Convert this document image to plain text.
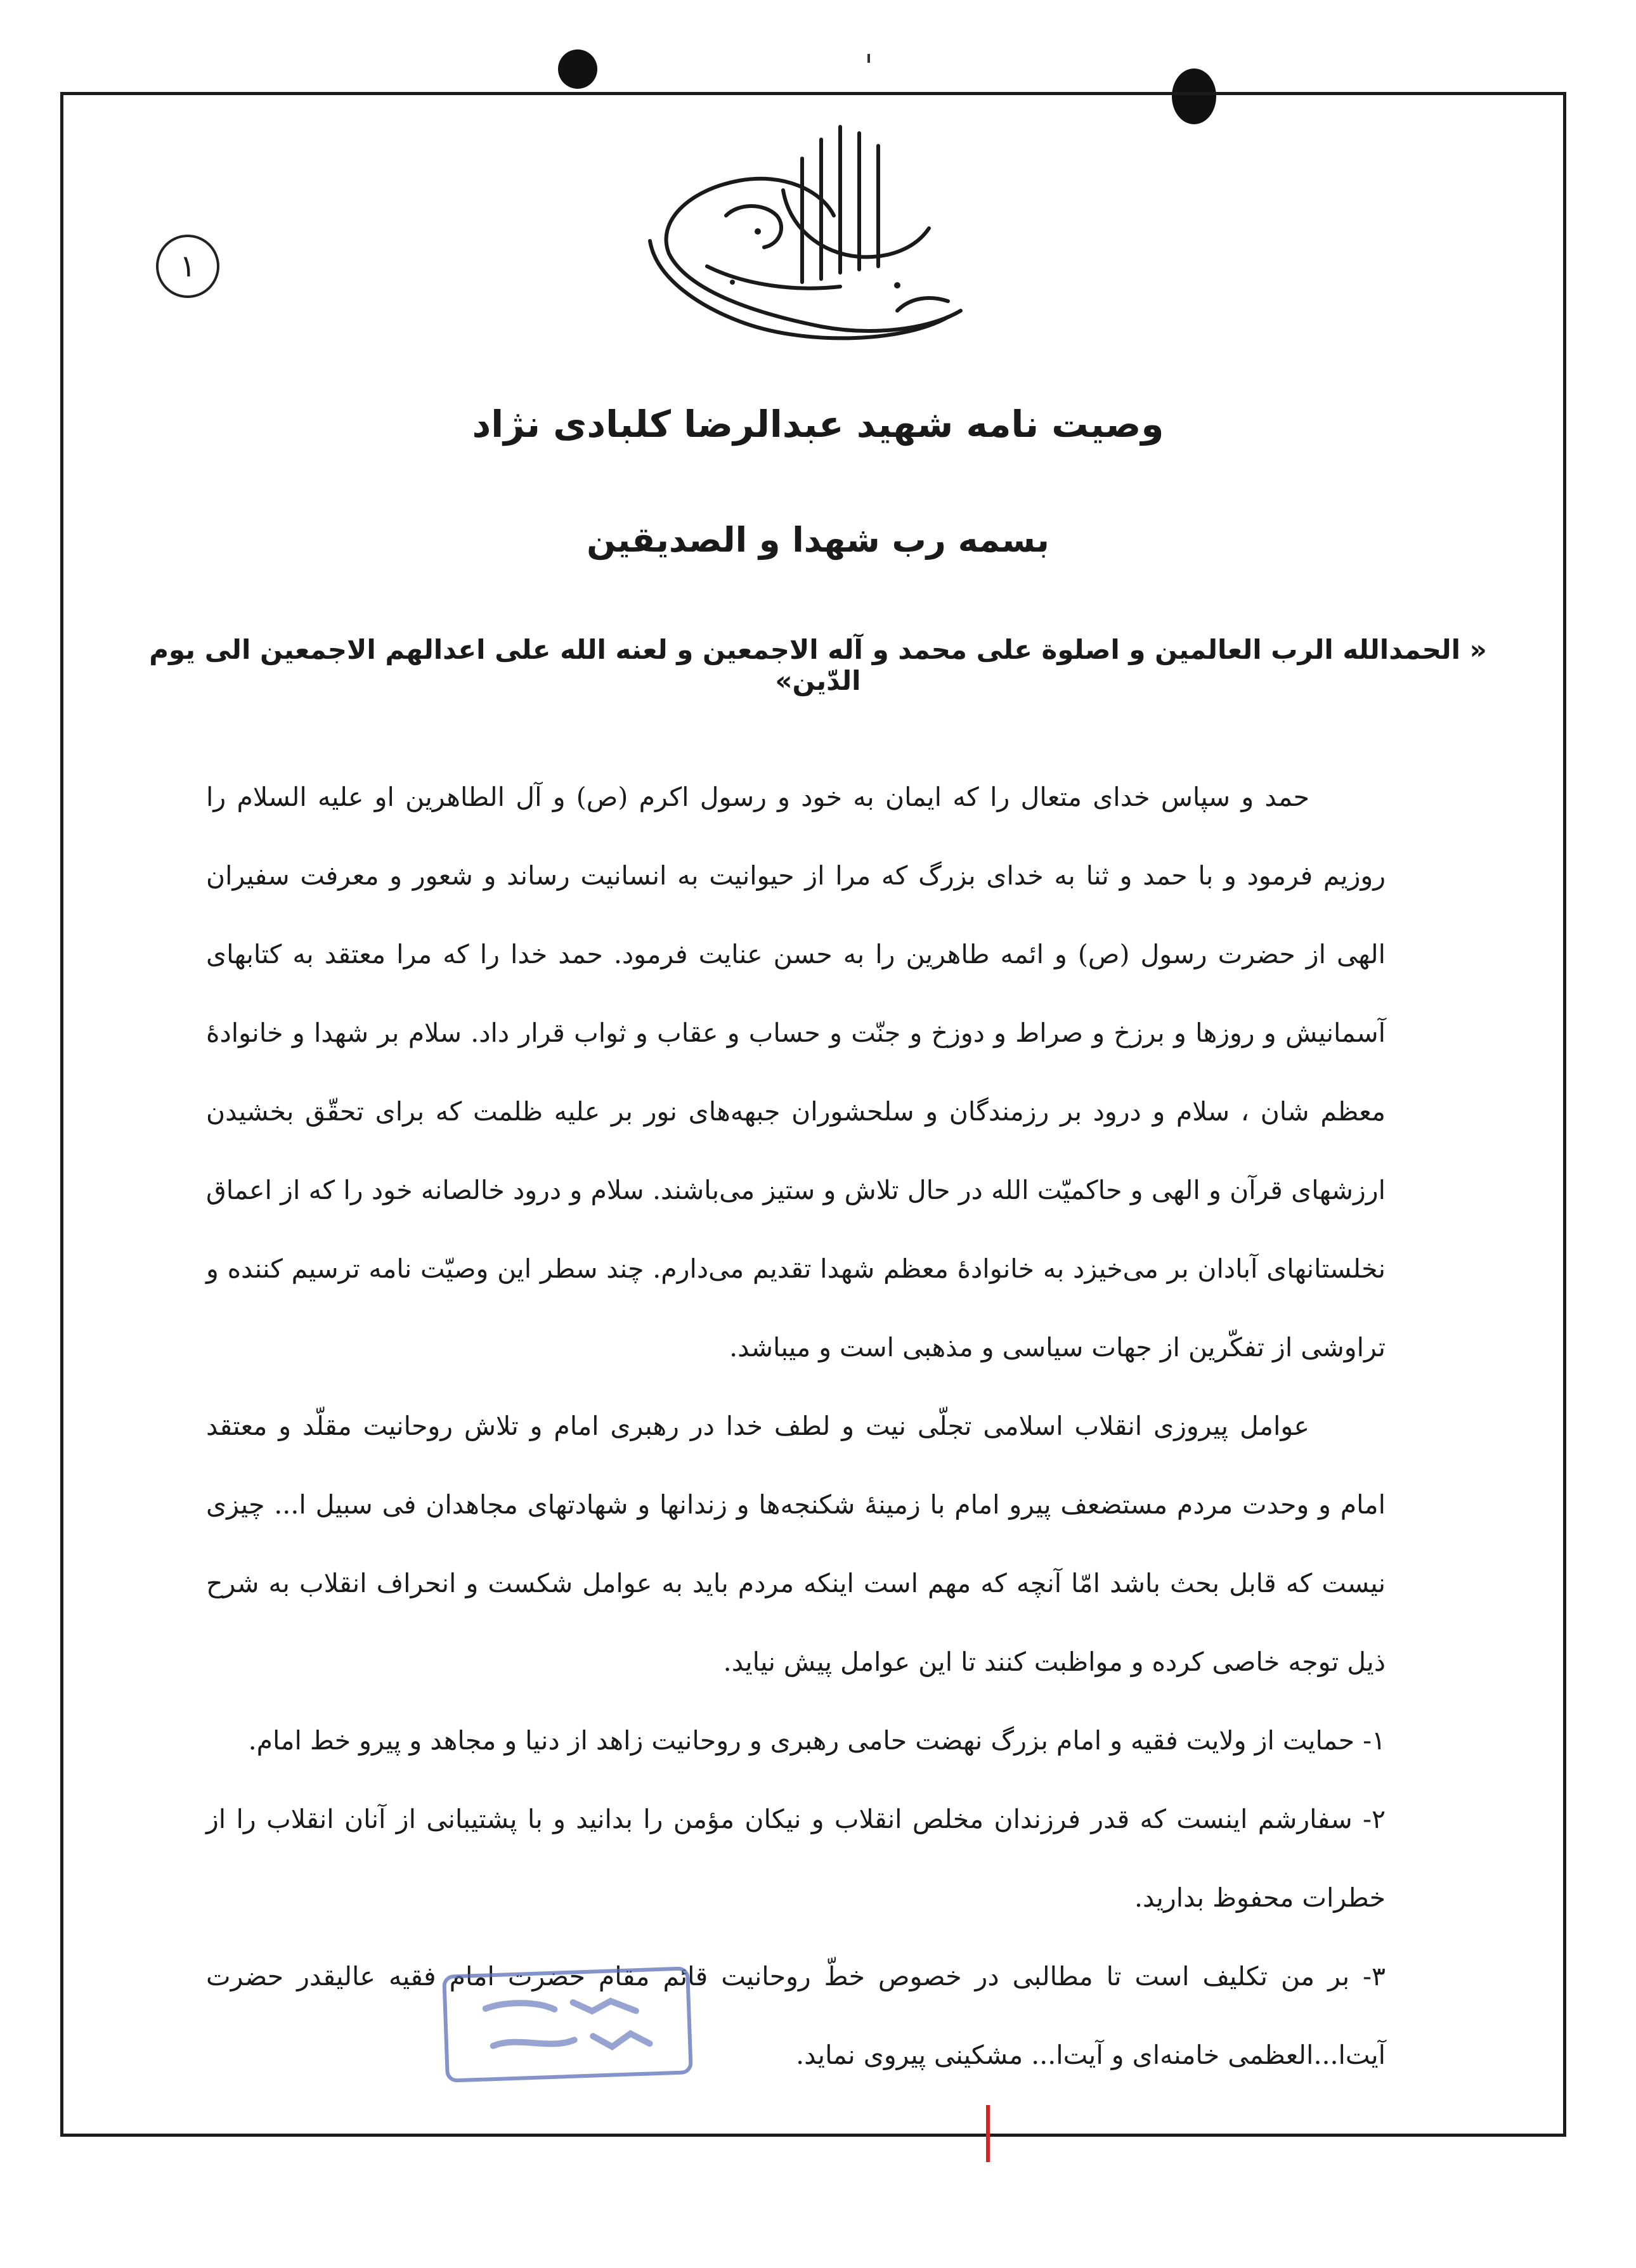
۱
وصیت نامه شهید عبدالرضا کلبادی نژاد
بسمه رب شهدا و الصدیقین
« الحمدالله الرب العالمین و اصلوة علی محمد و آله الاجمعین و لعنه الله علی اعدالهم الاجمعین الی یوم الدّین»

حمد و سپاس خدای متعال را که ایمان به خود و رسول اکرم (ص) و آل الطاهرین او علیه السلام را روزیم فرمود و با حمد و ثنا به خدای بزرگ که مرا از حیوانیت به انسانیت رساند و شعور و معرفت سفیران الهی از حضرت رسول (ص) و ائمه طاهرین را به حسن عنایت فرمود. حمد خدا را که مرا معتقد به کتابهای آسمانیش و روزها و برزخ و صراط و دوزخ و جنّت و حساب و عقاب و ثواب قرار داد. سلام بر شهدا و خانوادهٔ معظم شان ، سلام و درود بر رزمندگان و سلحشوران جبهه‌های نور بر علیه ظلمت که برای تحقّق بخشیدن ارزشهای قرآن و الهی و حاکمیّت الله در حال تلاش و ستیز می‌باشند. سلام و درود خالصانه خود را که از اعماق نخلستانهای آبادان بر می‌خیزد به خانوادهٔ معظم شهدا تقدیم می‌دارم. چند سطر این وصیّت نامه ترسیم کننده و تراوشی از تفکّرین از جهات سیاسی و مذهبی است و میباشد.

عوامل پیروزی انقلاب اسلامی تجلّی نیت و لطف خدا در رهبری امام و تلاش روحانیت مقلّد و معتقد امام و وحدت مردم مستضعف پیرو امام با زمینهٔ شکنجه‌ها و زندانها و شهادتهای مجاهدان فی سبیل ا... چیزی نیست که قابل بحث باشد امّا آنچه که مهم است اینکه مردم باید به عوامل شکست و انحراف انقلاب به شرح ذیل توجه خاصی کرده و مواظبت کنند تا این عوامل پیش نیاید.

۱- حمایت از ولایت فقیه و امام بزرگ نهضت حامی رهبری و روحانیت زاهد از دنیا و مجاهد و پیرو خط امام.

۲- سفارشم اینست که قدر فرزندان مخلص انقلاب و نیکان مؤمن را بدانید و با پشتیبانی از آنان انقلاب را از خطرات محفوظ بدارید.

۳- بر من تکلیف است تا مطالبی در خصوص خطّ روحانیت قائم مقام حضرت امام فقیه عالیقدر حضرت آیت‌ا...العظمی خامنه‌ای و آیت‌ا... مشکینی پیروی نماید.
